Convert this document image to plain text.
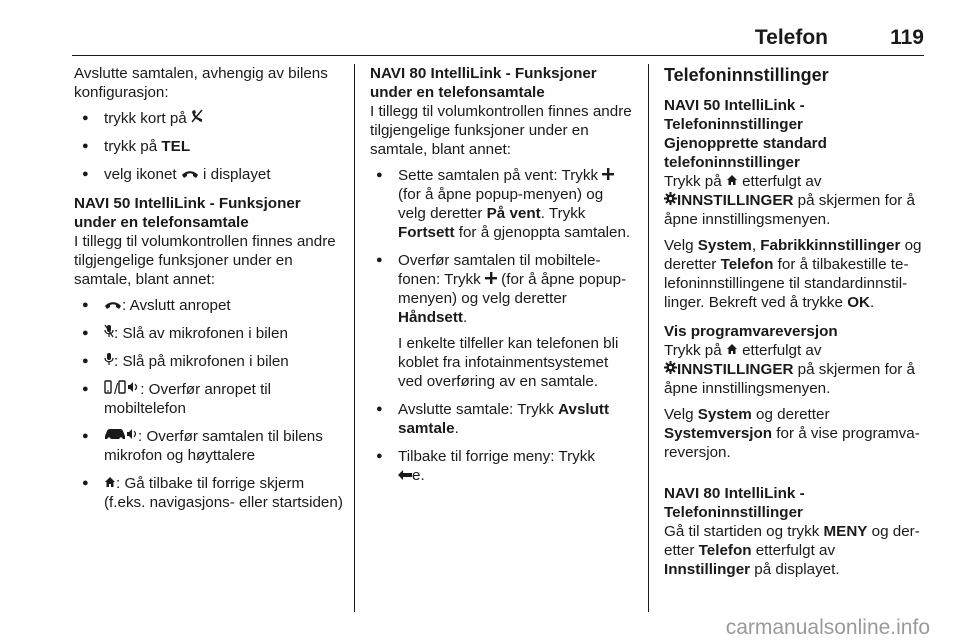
Telefon	119

Avslutte samtalen, avhengig av bilens konfigurasjon:

● trykk kort på
● trykk på TEL
● velg ikonet  i displayet

NAVI 50 IntelliLink - Funksjoner under en telefonsamtale

I tillegg til volumkontrollen finnes andre tilgjengelige funksjoner under en samtale, blant annet:

● : Avslutt anropet
● : Slå av mikrofonen i bilen
● : Slå på mikrofonen i bilen
● / : Overfør anropet til mobiltelefon
● : Overfør samtalen til bilens mikrofon og høyttalere
● : Gå tilbake til forrige skjerm (f.eks. navigasjons- eller startsiden)

NAVI 80 IntelliLink - Funksjoner under en telefonsamtale

I tillegg til volumkontrollen finnes andre tilgjengelige funksjoner under en samtale, blant annet:

● Sette samtalen på vent: Trykk  (for å åpne popup-menyen) og velg deretter På vent. Trykk Fortsett for å gjenoppta samtalen.
● Overfør samtalen til mobiltelefonen: Trykk  (for å åpne popup-menyen) og velg deretter Håndsett.

I enkelte tilfeller kan telefonen bli koblet fra infotainmentsystemet ved overføring av en samtale.

● Avslutte samtale: Trykk Avslutt samtale.
● Tilbake til forrige meny: Trykk
e.

Telefoninnstillinger

NAVI 50 IntelliLink - Telefoninnstillinger

Gjenopprette standard telefoninnstillinger

Trykk på  etterfulgt av
INNSTILLINGER på skjermen for å åpne innstillingsmenyen.

Velg System, Fabrikkinnstillinger og deretter Telefon for å tilbakestille telefoninnstillingene til standardinnstillinger. Bekreft ved å trykke OK.

Vis programvareversjon

Trykk på  etterfulgt av
INNSTILLINGER på skjermen for å åpne innstillingsmenyen.

Velg System og deretter Systemversjon for å vise programvareversjon.

NAVI 80 IntelliLink - Telefoninnstillinger

Gå til startiden og trykk MENY og deretter Telefon etterfulgt av
Innstillinger på displayet.

carmanualsonline.info
